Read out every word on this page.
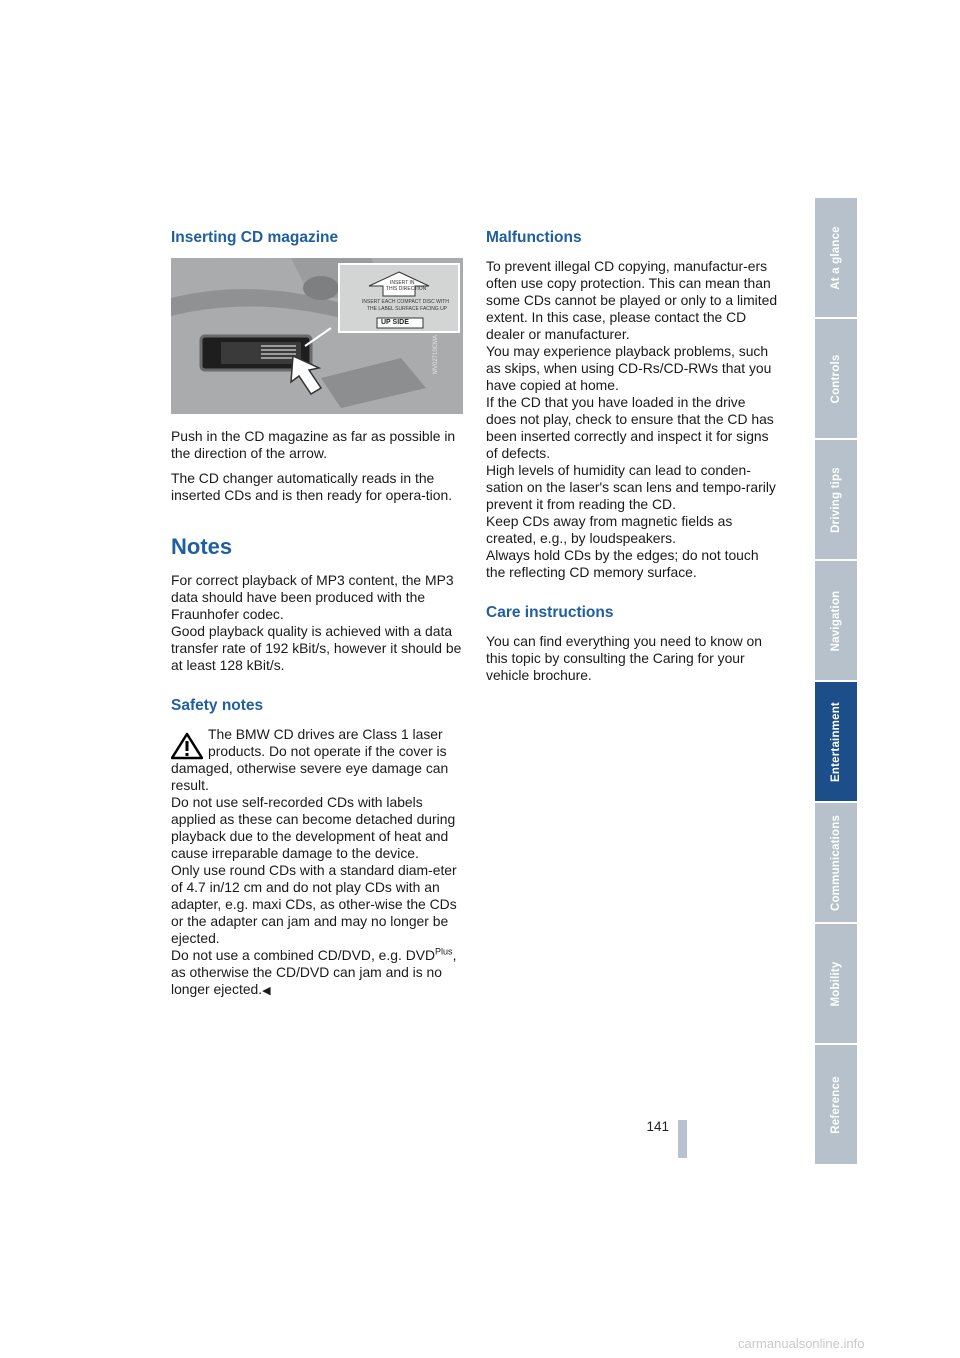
Inserting CD magazine
INSERT IN
THIS DIRECTION
INSERT EACH COMPACT DISC WITH
THE LABEL SURFACE FACING UP
UP SIDE
MV02710CMA

Push in the CD magazine as far as possible in the direction of the arrow.

The CD changer automatically reads in the inserted CDs and is then ready for opera-tion.

Notes

For correct playback of MP3 content, the MP3 data should have been produced with the Fraunhofer codec.

Good playback quality is achieved with a data transfer rate of 192 kBit/s, however it should be at least 128 kBit/s.

Safety notes

The BMW CD drives are Class 1 laser products. Do not operate if the cover is damaged, otherwise severe eye damage can result.

Do not use self-recorded CDs with labels applied as these can become detached during playback due to the development of heat and cause irreparable damage to the device.

Only use round CDs with a standard diam-eter of 4.7 in/12 cm and do not play CDs with an adapter, e.g. maxi CDs, as other-wise the CDs or the adapter can jam and may no longer be ejected.

Do not use a combined CD/DVD, e.g. $DVD^{Plus}$, as otherwise the CD/DVD can jam and is no longer ejected.◀

Malfunctions

To prevent illegal CD copying, manufactur-ers often use copy protection. This can mean than some CDs cannot be played or only to a limited extent. In this case, please contact the CD dealer or manufacturer.

You may experience playback problems, such as skips, when using CD-Rs/CD-RWs that you have copied at home.

If the CD that you have loaded in the drive does not play, check to ensure that the CD has been inserted correctly and inspect it for signs of defects.

High levels of humidity can lead to conden-sation on the laser's scan lens and tempo-rarily prevent it from reading the CD.

Keep CDs away from magnetic fields as created, e.g., by loudspeakers.

Always hold CDs by the edges; do not touch the reflecting CD memory surface.

Care instructions

You can find everything you need to know on this topic by consulting the Caring for your vehicle brochure.

At a glance
Controls
Driving tips
Navigation
Entertainment
Communications
Mobility
Reference
141
carmanualsonline.info
